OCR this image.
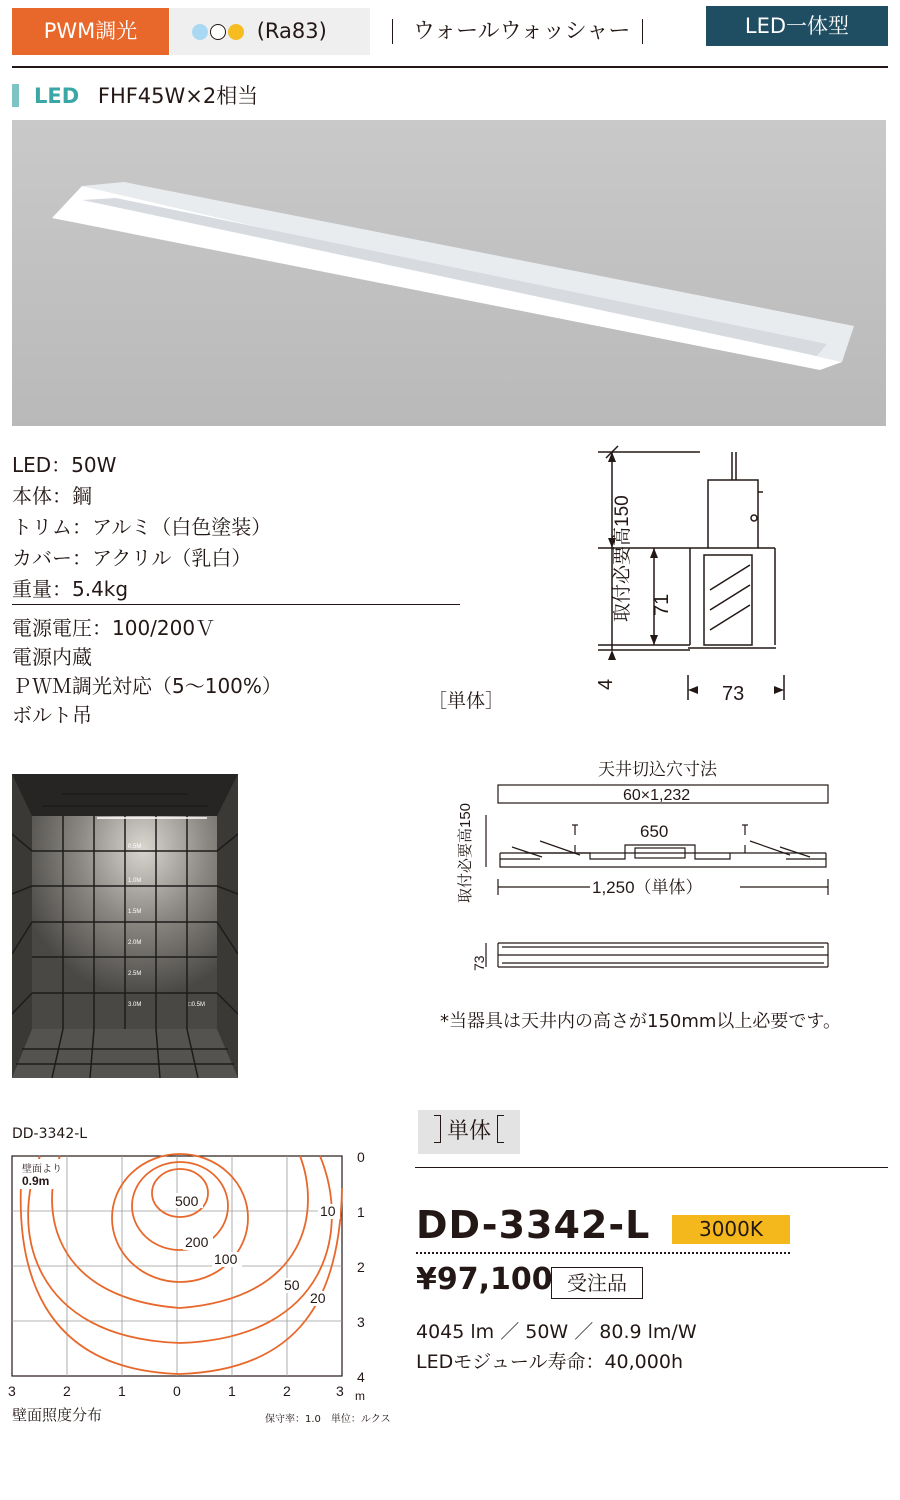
PWM調光	(Ra83)	ウォールウォッシャー	LED一体型
LED FHF45W×2相当
LED：50W
本体：鋼
トリム：アルミ（白色塗装）
カバー：アクリル（乳白）
重量：5.4kg
電源電圧：100/200Ｖ
電源内蔵
ＰＷＭ調光対応（5～100%）
ボルト吊
［単体］
取付必要高150 71
4	73
天井切込穴寸法
60×1,232
650
1,250（単体）
取付必要高150
73
*当器具は天井内の高さが150mm以上必要です。
0.5M
1.0M
1.5M
2.0M
2.5M
3.0M	□0.5M
DD-3342-L
壁面より
0.9m
500
200
100
50
20
10
0
1
2
3
4
3	2	1	0	1	2	3 m
壁面照度分布	保守率：1.0　単位：ルクス
単体
DD-3342-L	3000K
¥97,100 受注品
4045 lm ／ 50W ／ 80.9 lm/W
LEDモジュール寿命：40,000h
